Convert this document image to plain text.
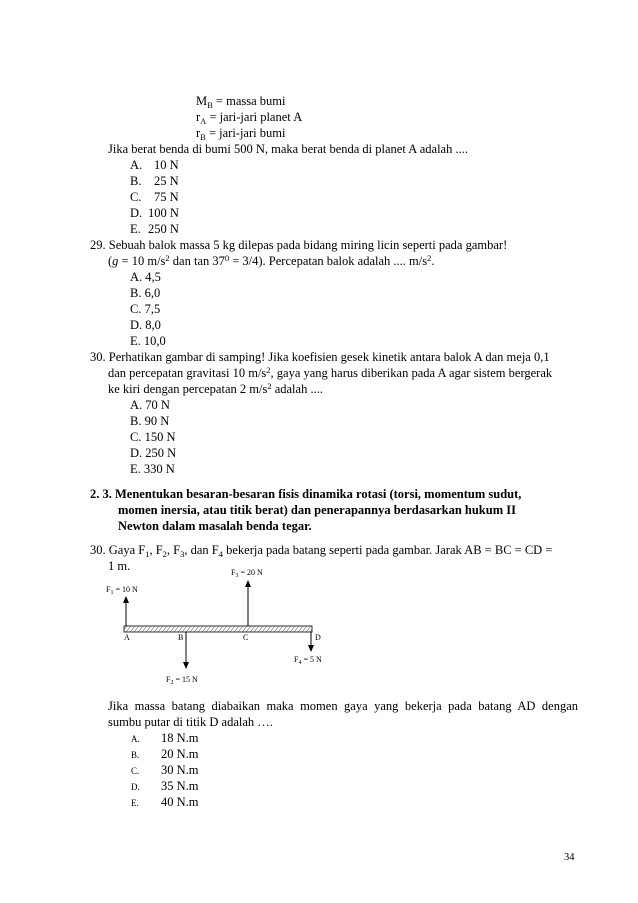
$M_B$ = massa bumi
$r_A$ = jari-jari planet A
$r_B$ = jari-jari bumi
Jika berat benda di bumi 500 N, maka berat benda di planet A adalah ....
A. 10 N
B. 25 N
C. 75 N
D. 100 N
E. 250 N
29. Sebuah balok massa 5 kg dilepas pada bidang miring licin seperti pada gambar!
(g = 10 $m/s^2$ dan $\tan 37^0 = 3/4$). Percepatan balok adalah .... $m/s^2$.
A. 4,5
B. 6,0
C. 7,5
D. 8,0
E. 10,0
30. Perhatikan gambar di samping! Jika koefisien gesek kinetik antara balok A dan meja 0,1
dan percepatan gravitasi 10 $m/s^2$, gaya yang harus diberikan pada A agar sistem bergerak
ke kiri dengan percepatan 2 $m/s^2$ adalah ....
A. 70 N
B. 90 N
C. 150 N
D. 250 N
E. 330 N
2. 3. Menentukan besaran-besaran fisis dinamika rotasi (torsi, momentum sudut,
momen inersia, atau titik berat) dan penerapannya berdasarkan hukum II
Newton dalam masalah benda tegar.
30. Gaya $F_1$, $F_2$, $F_3$, dan $F_4$ bekerja pada batang seperti pada gambar. Jarak AB = BC = CD =
1 m.
$F_1 = 10$ N
$F_3 = 20$ N
$F_2 = 15$ N
$F_4 = 5$ N
A	B	C	D
Jika massa batang diabaikan maka momen gaya yang bekerja pada batang AD dengan
sumbu putar di titik D adalah ….
A. 18 N.m
B. 20 N.m
C. 30 N.m
D. 35 N.m
E. 40 N.m
34
